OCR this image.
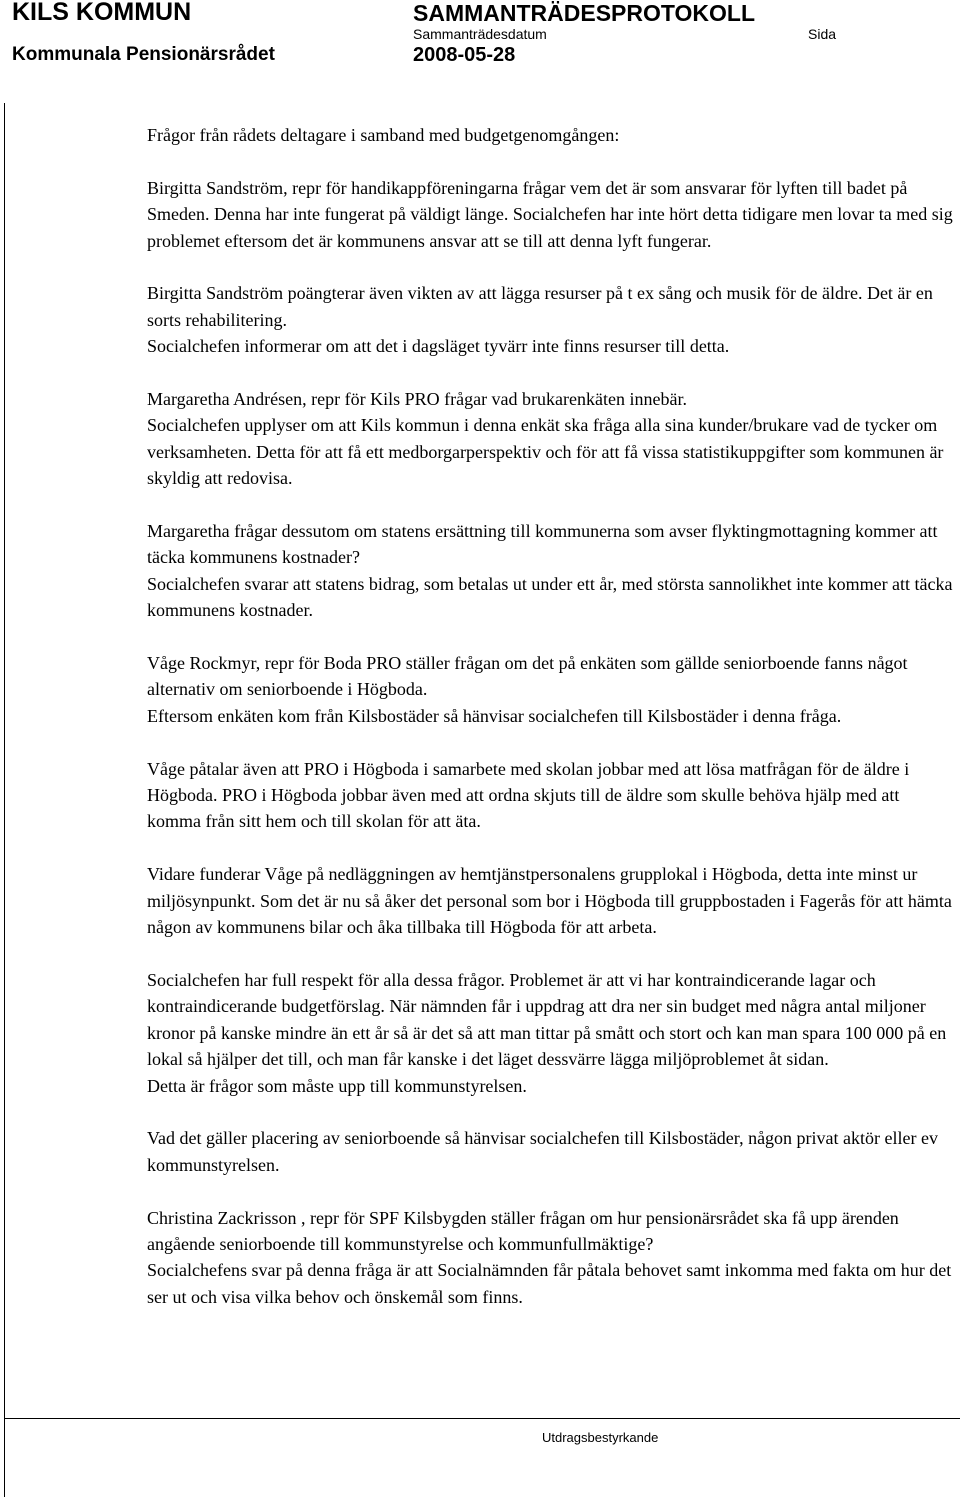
KILS KOMMUN	SAMMANTRÄDESPROTOKOLL
Sammanträdesdatum	Sida
Kommunala Pensionärsrådet	2008-05-28

Frågor från rådets deltagare i samband med budgetgenomgången:

Birgitta Sandström, repr för handikappföreningarna frågar vem det är som ansvarar för lyften till badet på Smeden. Denna har inte fungerat på väldigt länge. Socialchefen har inte hört detta tidigare men lovar ta med sig problemet eftersom det är kommunens ansvar att se till att denna lyft fungerar.

Birgitta Sandström poängterar även vikten av att lägga resurser på t ex sång och musik för de äldre. Det är en sorts rehabilitering.

Socialchefen informerar om att det i dagsläget tyvärr inte finns resurser till detta.

Margaretha Andrésen, repr för Kils PRO frågar vad brukarenkäten innebär.

Socialchefen upplyser om att Kils kommun i denna enkät ska fråga alla sina kunder/brukare vad de tycker om verksamheten. Detta för att få ett medborgarperspektiv och för att få vissa statistikuppgifter som kommunen är skyldig att redovisa.

Margaretha frågar dessutom om statens ersättning till kommunerna som avser flyktingmottagning kommer att täcka kommunens kostnader?

Socialchefen svarar att statens bidrag, som betalas ut under ett år, med största sannolikhet inte kommer att täcka kommunens kostnader.

Våge Rockmyr, repr för Boda PRO ställer frågan om det på enkäten som gällde seniorboende fanns något alternativ om seniorboende i Högboda.

Eftersom enkäten kom från Kilsbostäder så hänvisar socialchefen till Kilsbostäder i denna fråga.

Våge påtalar även att PRO i Högboda i samarbete med skolan jobbar med att lösa matfrågan för de äldre i Högboda. PRO i Högboda jobbar även med att ordna skjuts till de äldre som skulle behöva hjälp med att komma från sitt hem och till skolan för att äta.

Vidare funderar Våge på nedläggningen av hemtjänstpersonalens grupplokal i Högboda, detta inte minst ur miljösynpunkt. Som det är nu så åker det personal som bor i Högboda till gruppbostaden i Fagerås för att hämta någon av kommunens bilar och åka tillbaka till Högboda för att arbeta.

Socialchefen har full respekt för alla dessa frågor. Problemet är att vi har kontraindicerande lagar och kontraindicerande budgetförslag. När nämnden får i uppdrag att dra ner sin budget med några antal miljoner kronor på kanske mindre än ett år så är det så att man tittar på smått och stort och kan man spara 100 000 på en lokal så hjälper det till, och man får kanske i det läget dessvärre lägga miljöproblemet åt sidan.

Detta är frågor som måste upp till kommunstyrelsen.

Vad det gäller placering av seniorboende så hänvisar socialchefen till Kilsbostäder, någon privat aktör eller ev kommunstyrelsen.

Christina Zackrisson , repr för SPF Kilsbygden ställer frågan om hur pensionärsrådet ska få upp ärenden angående seniorboende till kommunstyrelse och kommunfullmäktige?

Socialchefens svar på denna fråga är att Socialnämnden får påtala behovet samt inkomma med fakta om hur det ser ut och visa vilka behov och önskemål som finns.

Utdragsbestyrkande
